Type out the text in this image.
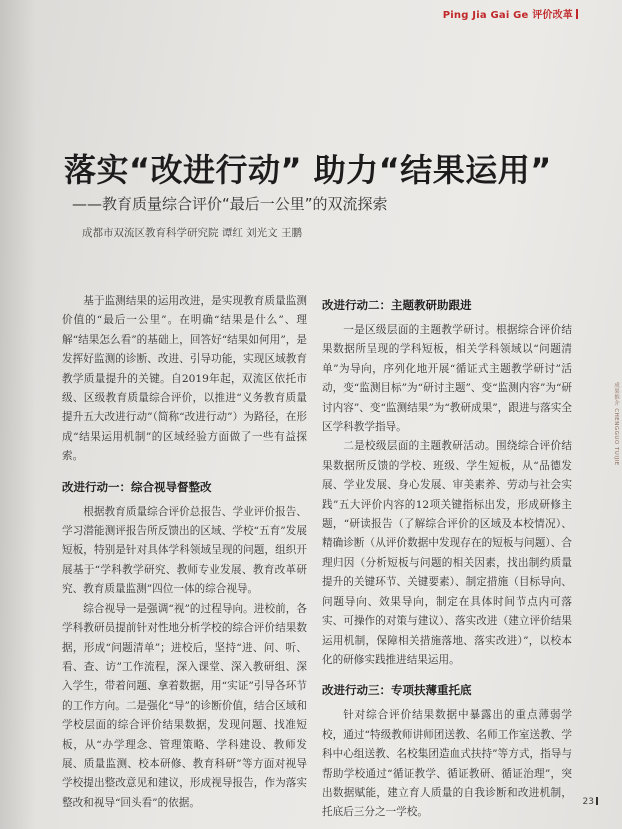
Ping Jia Gai Ge 评价改革
成果推介 CHENGGUO TUIJIE
落实“改进行动” 助力“结果运用”
——教育质量综合评价“最后一公里”的双流探索
成都市双流区教育科学研究院 谭红 刘光文 王鹏

基于监测结果的运用改进，是实现教育质量监测价值的“最后一公里”。在明确“结果是什么”、理解“结果怎么看”的基础上，回答好“结果如何用”，是发挥好监测的诊断、改进、引导功能，实现区域教育教学质量提升的关键。自2019年起，双流区依托市级、区级教育质量综合评价，以推进“义务教育质量提升五大改进行动”（简称“改进行动”）为路径，在形成“结果运用机制”的区域经验方面做了一些有益探索。

改进行动一：综合视导督整改

根据教育质量综合评价总报告、学业评价报告、学习潜能测评报告所反馈出的区域、学校“五育”发展短板，特别是针对具体学科领域呈现的问题，组织开展基于“学科教学研究、教师专业发展、教育改革研究、教育质量监测”四位一体的综合视导。

综合视导一是强调“视”的过程导向。进校前，各学科教研员提前针对性地分析学校的综合评价结果数据，形成“问题清单”；进校后，坚持“进、问、听、看、查、访”工作流程，深入课堂、深入教研组、深入学生，带着问题、拿着数据，用“实证”引导各环节的工作方向。二是强化“导”的诊断价值，结合区域和学校层面的综合评价结果数据，发现问题、找准短板，从“办学理念、管理策略、学科建设、教师发展、质量监测、校本研修、教育科研”等方面对视导学校提出整改意见和建议，形成视导报告，作为落实整改和视导“回头看”的依据。

改进行动二：主题教研助跟进

一是区级层面的主题教学研讨。根据综合评价结果数据所呈现的学科短板，相关学科领域以“问题清单”为导向，序列化地开展“循证式主题教学研讨”活动，变“监测目标”为“研讨主题”、变“监测内容”为“研讨内容”、变“监测结果”为“教研成果”，跟进与落实全区学科教学指导。

二是校级层面的主题教研活动。围绕综合评价结果数据所反馈的学校、班级、学生短板，从“品德发展、学业发展、身心发展、审美素养、劳动与社会实践”五大评价内容的12项关键指标出发，形成研修主题，“研读报告（了解综合评价的区域及本校情况）、精确诊断（从评价数据中发现存在的短板与问题）、合理归因（分析短板与问题的相关因素，找出制约质量提升的关键环节、关键要素）、制定措施（目标导向、问题导向、效果导向，制定在具体时间节点内可落实、可操作的对策与建议）、落实改进（建立评价结果运用机制，保障相关措施落地、落实改进）”，以校本化的研修实践推进结果运用。

改进行动三：专项扶薄重托底

针对综合评价结果数据中暴露出的重点薄弱学校，通过“特级教师讲师团送教、名师工作室送教、学科中心组送教、名校集团造血式扶持”等方式，指导与帮助学校通过“循证教学、循证教研、循证治理”，突出数据赋能，建立育人质量的自我诊断和改进机制，托底后三分之一学校。

23
